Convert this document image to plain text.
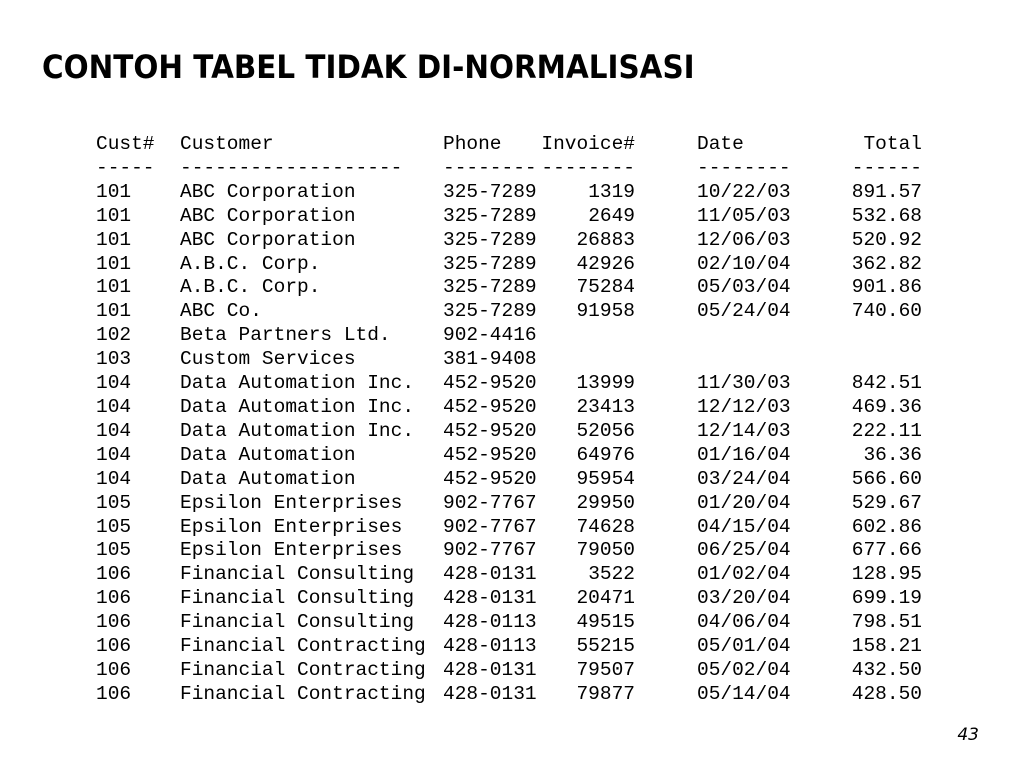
CONTOH TABEL TIDAK DI-NORMALISASI
Cust#	Customer	Phone	Invoice#		Date	Total
-----	-------------------	--------	--------		--------	------
101	ABC Corporation	325-7289	1319		10/22/03	891.57
101	ABC Corporation	325-7289	2649		11/05/03	532.68
101	ABC Corporation	325-7289	26883		12/06/03	520.92
101	A.B.C. Corp.	325-7289	42926		02/10/04	362.82
101	A.B.C. Corp.	325-7289	75284		05/03/04	901.86
101	ABC Co.	325-7289	91958		05/24/04	740.60
102	Beta Partners Ltd.	902-4416				
103	Custom Services	381-9408				
104	Data Automation Inc.	452-9520	13999		11/30/03	842.51
104	Data Automation Inc.	452-9520	23413		12/12/03	469.36
104	Data Automation Inc.	452-9520	52056		12/14/03	222.11
104	Data Automation	452-9520	64976		01/16/04	36.36
104	Data Automation	452-9520	95954		03/24/04	566.60
105	Epsilon Enterprises	902-7767	29950		01/20/04	529.67
105	Epsilon Enterprises	902-7767	74628		04/15/04	602.86
105	Epsilon Enterprises	902-7767	79050		06/25/04	677.66
106	Financial Consulting	428-0131	3522		01/02/04	128.95
106	Financial Consulting	428-0131	20471		03/20/04	699.19
106	Financial Consulting	428-0113	49515		04/06/04	798.51
106	Financial Contracting	428-0113	55215		05/01/04	158.21
106	Financial Contracting	428-0131	79507		05/02/04	432.50
106	Financial Contracting	428-0131	79877		05/14/04	428.50
43
